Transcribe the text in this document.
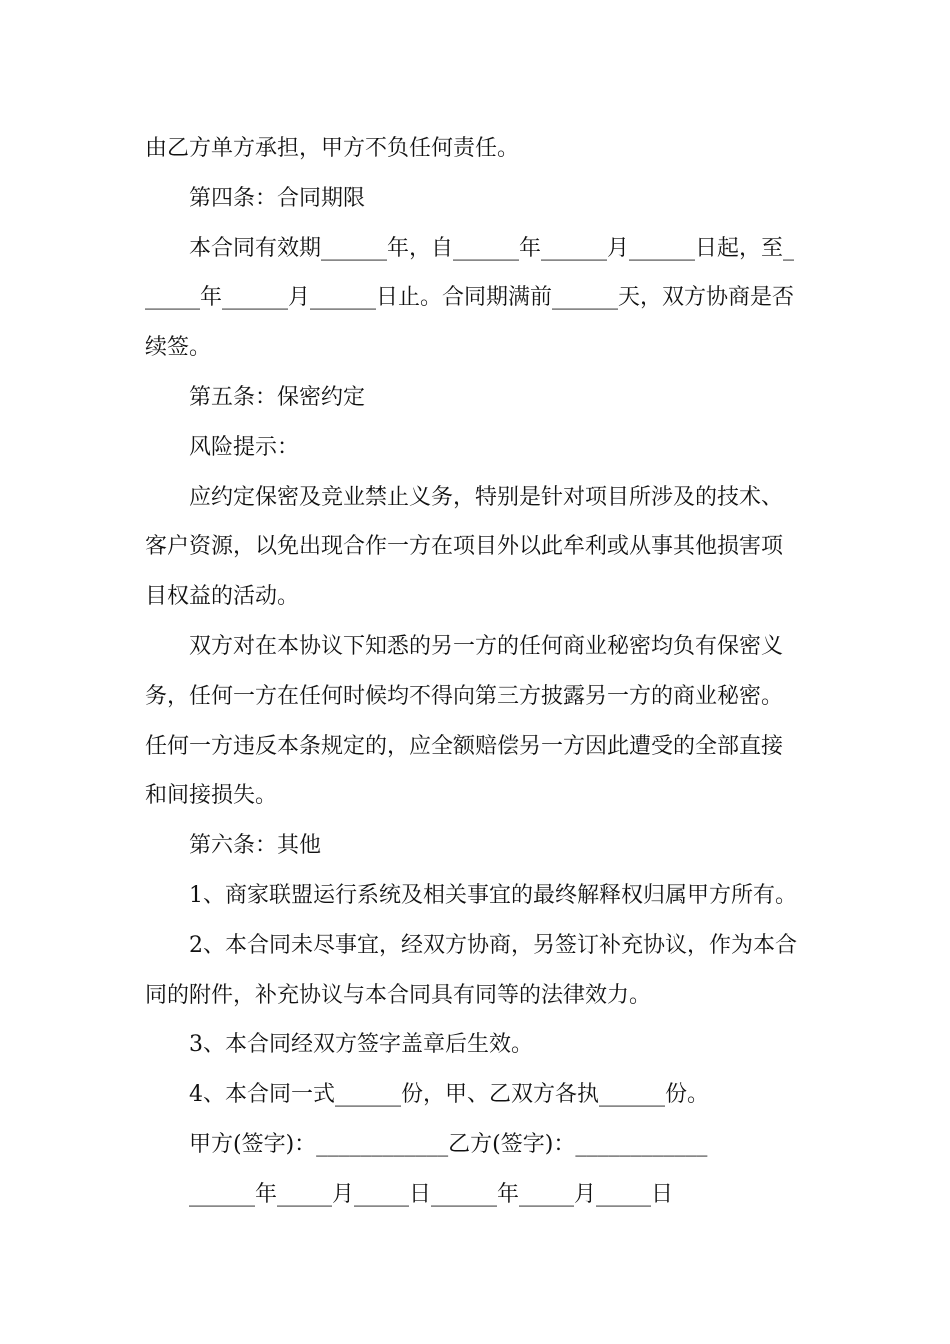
由乙方单方承担，甲方不负任何责任。
第四条：合同期限
本合同有效期______年，自______年______月______日起，至_
_____年______月______日止。合同期满前______天，双方协商是否
续签。
第五条：保密约定
风险提示：
应约定保密及竞业禁止义务，特别是针对项目所涉及的技术、
客户资源，以免出现合作一方在项目外以此牟利或从事其他损害项
目权益的活动。
双方对在本协议下知悉的另一方的任何商业秘密均负有保密义
务，任何一方在任何时候均不得向第三方披露另一方的商业秘密。
任何一方违反本条规定的，应全额赔偿另一方因此遭受的全部直接
和间接损失。
第六条：其他
1、商家联盟运行系统及相关事宜的最终解释权归属甲方所有。
2、本合同未尽事宜，经双方协商，另签订补充协议，作为本合
同的附件，补充协议与本合同具有同等的法律效力。
3、本合同经双方签字盖章后生效。
4、本合同一式______份，甲、乙双方各执______份。
甲方(签字)：____________乙方(签字)：____________
______年_____月_____日______年_____月_____日
